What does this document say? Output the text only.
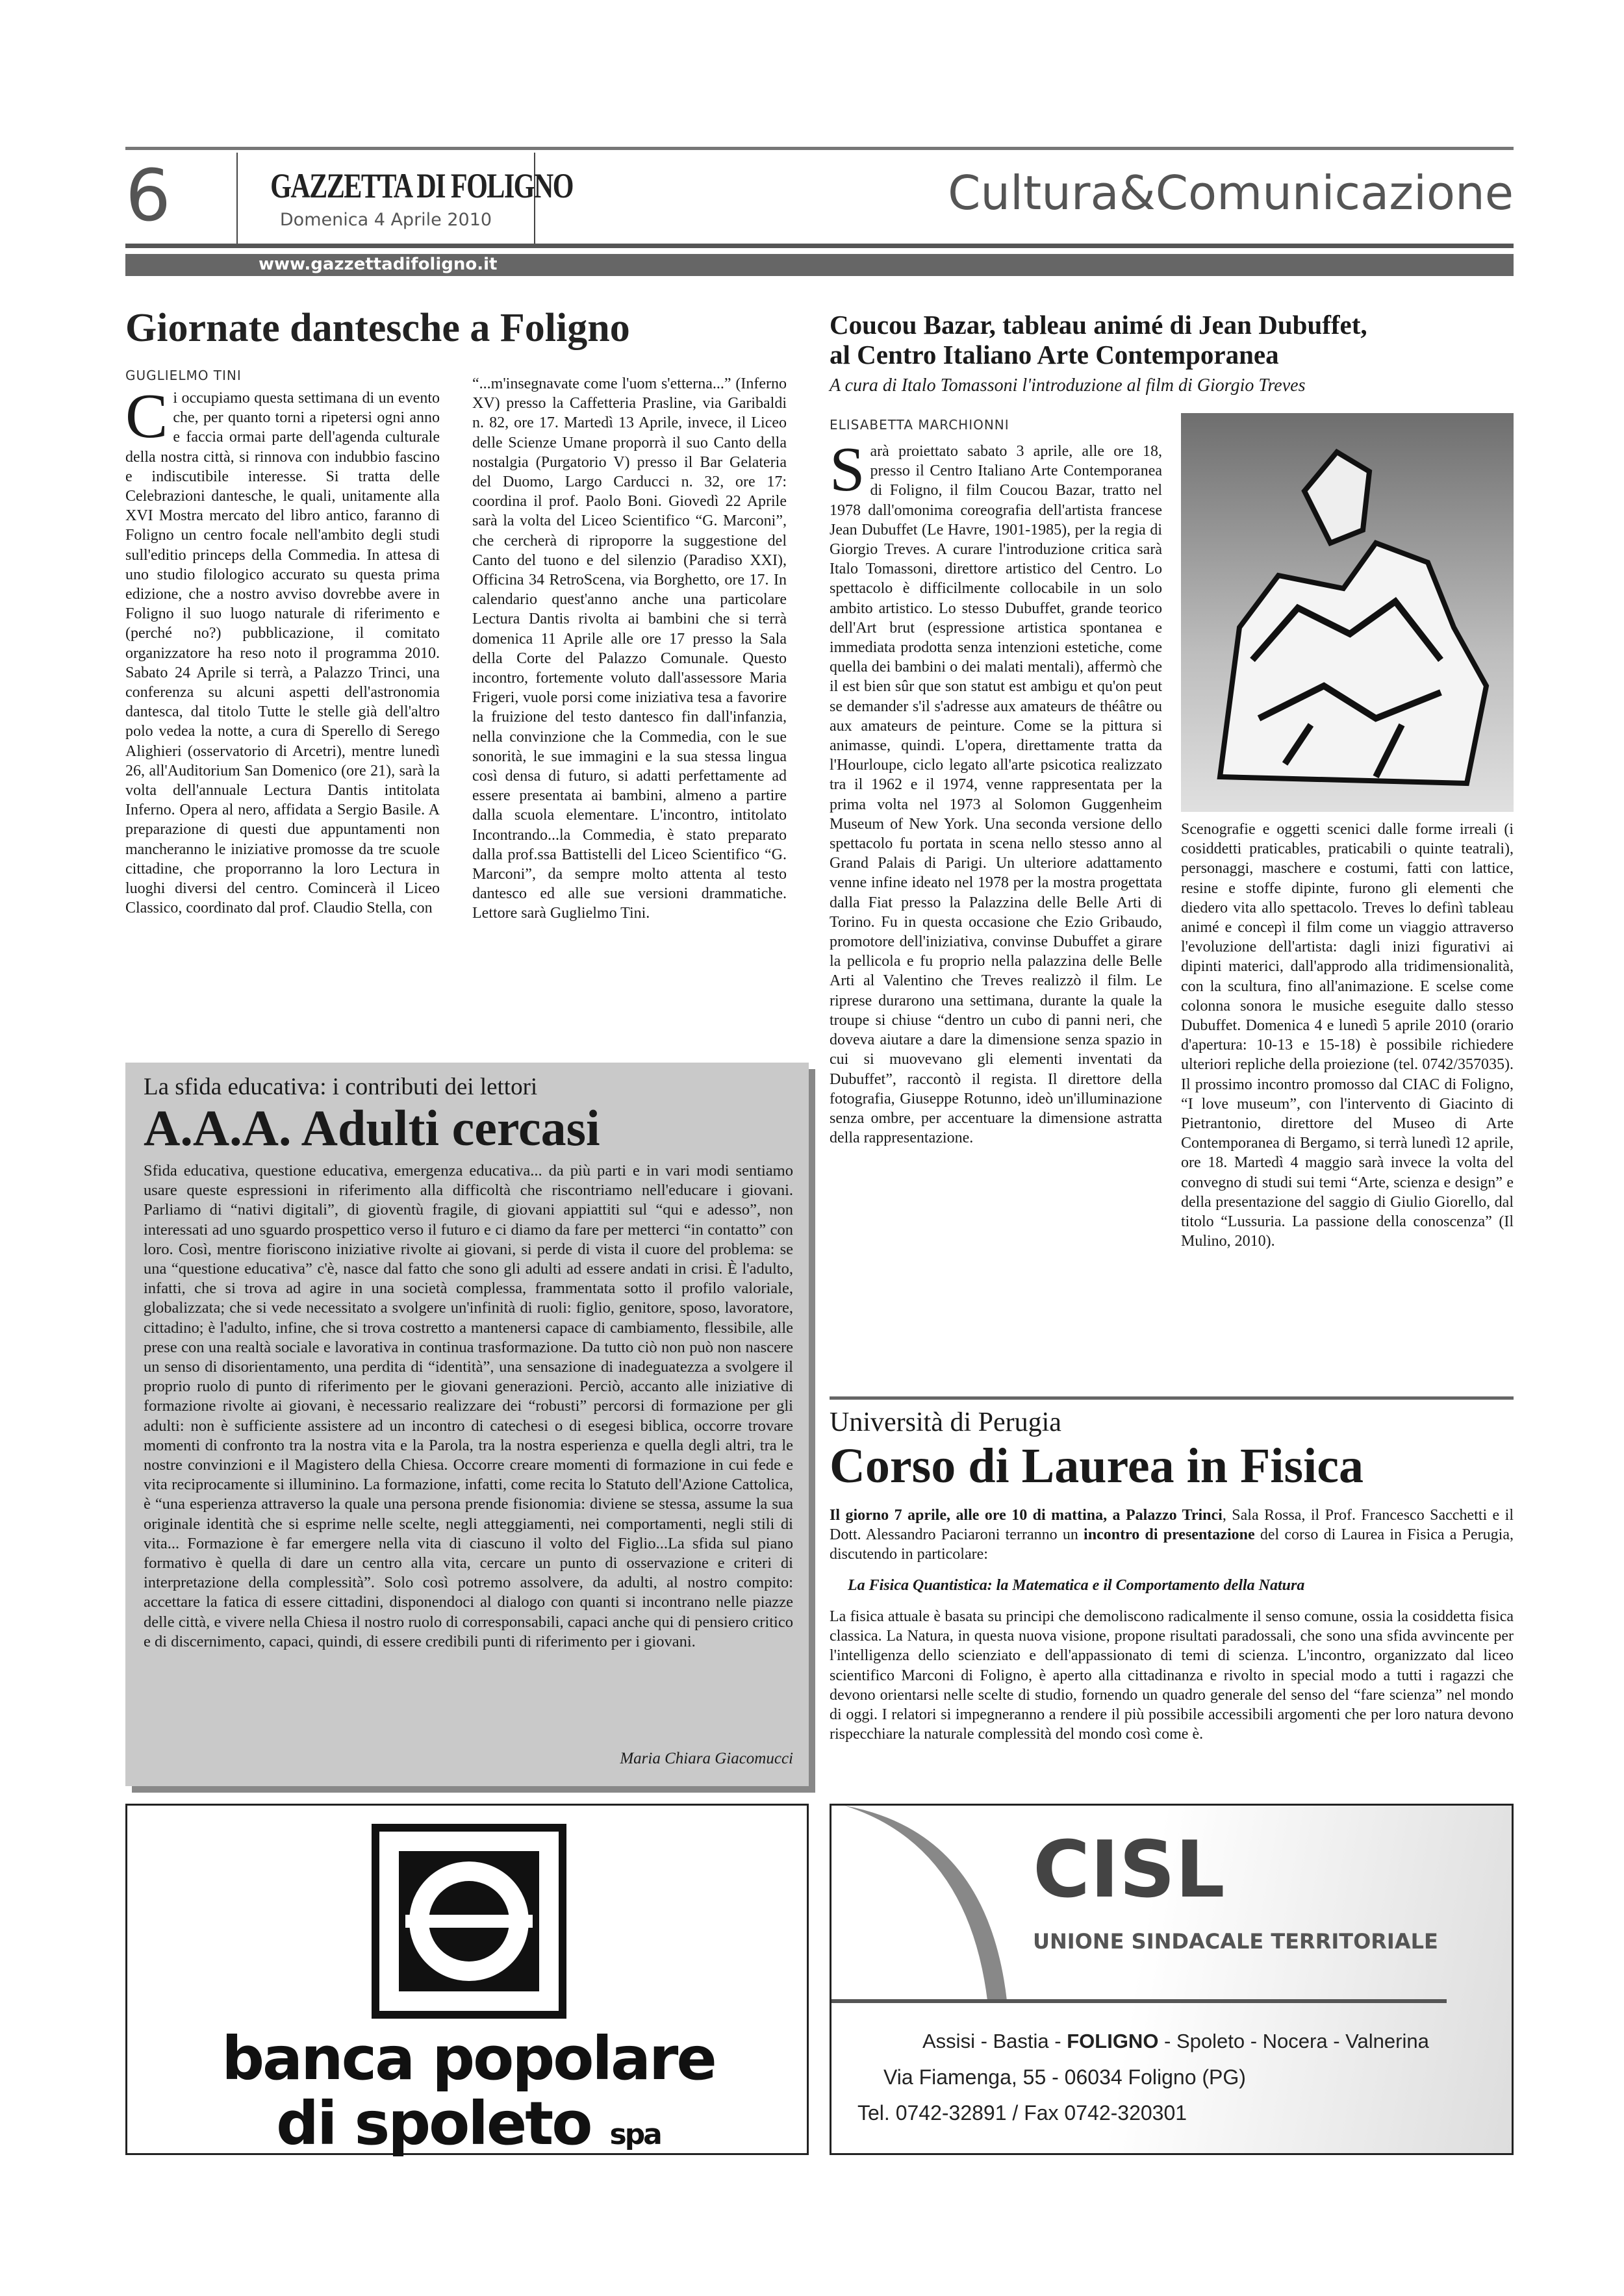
6	GAZZETTA DI FOLIGNO
Domenica 4 Aprile 2010	Cultura&Comunicazione
www.gazzettadifoligno.it
Giornate dantesche a Foligno
GUGLIELMO TINI
Ci occupiamo questa settimana di un evento che, per quanto torni a ripetersi ogni anno e faccia ormai parte dell'agenda culturale della nostra città, si rinnova con indubbio fascino e indiscutibile interesse. Si tratta delle Celebrazioni dantesche, le quali, unitamente alla XVI Mostra mercato del libro antico, faranno di Foligno un centro focale nell'ambito degli studi sull'editio princeps della Commedia. In attesa di uno studio filologico accurato su questa prima edizione, che a nostro avviso dovrebbe avere in Foligno il suo luogo naturale di riferimento e (perché no?) pubblicazione, il comitato organizzatore ha reso noto il programma 2010. Sabato 24 Aprile si terrà, a Palazzo Trinci, una conferenza su alcuni aspetti dell'astronomia dantesca, dal titolo Tutte le stelle già dell'altro polo vedea la notte, a cura di Sperello di Serego Alighieri (osservatorio di Arcetri), mentre lunedì 26, all'Auditorium San Domenico (ore 21), sarà la volta dell'annuale Lectura Dantis intitolata Inferno. Opera al nero, affidata a Sergio Basile. A preparazione di questi due appuntamenti non mancheranno le iniziative promosse da tre scuole cittadine, che proporranno la loro Lectura in luoghi diversi del centro. Comincerà il Liceo Classico, coordinato dal prof. Claudio Stella, con
“...m'insegnavate come l'uom s'etterna...” (Inferno XV) presso la Caffetteria Prasline, via Garibaldi n. 82, ore 17. Martedì 13 Aprile, invece, il Liceo delle Scienze Umane proporrà il suo Canto della nostalgia (Purgatorio V) presso il Bar Gelateria del Duomo, Largo Carducci n. 32, ore 17: coordina il prof. Paolo Boni. Giovedì 22 Aprile sarà la volta del Liceo Scientifico “G. Marconi”, che cercherà di riproporre la suggestione del Canto del tuono e del silenzio (Paradiso XXI), Officina 34 RetroScena, via Borghetto, ore 17. In calendario quest'anno anche una particolare Lectura Dantis rivolta ai bambini che si terrà domenica 11 Aprile alle ore 17 presso la Sala della Corte del Palazzo Comunale. Questo incontro, fortemente voluto dall'assessore Maria Frigeri, vuole porsi come iniziativa tesa a favorire la fruizione del testo dantesco fin dall'infanzia, nella convinzione che la Commedia, con le sue sonorità, le sue immagini e la sua stessa lingua così densa di futuro, si adatti perfettamente ad essere presentata ai bambini, almeno a partire dalla scuola elementare. L'incontro, intitolato Incontrando...la Commedia, è stato preparato dalla prof.ssa Battistelli del Liceo Scientifico “G. Marconi”, da sempre molto attenta al testo dantesco ed alle sue versioni drammatiche. Lettore sarà Guglielmo Tini.
Coucou Bazar, tableau animé di Jean Dubuffet,
al Centro Italiano Arte Contemporanea
A cura di Italo Tomassoni l'introduzione al film di Giorgio Treves
ELISABETTA MARCHIONNI
Sarà proiettato sabato 3 aprile, alle ore 18, presso il Centro Italiano Arte Contemporanea di Foligno, il film Coucou Bazar, tratto nel 1978 dall'omonima coreografia dell'artista francese Jean Dubuffet (Le Havre, 1901-1985), per la regia di Giorgio Treves. A curare l'introduzione critica sarà Italo Tomassoni, direttore artistico del Centro. Lo spettacolo è difficilmente collocabile in un solo ambito artistico. Lo stesso Dubuffet, grande teorico dell'Art brut (espressione artistica spontanea e immediata prodotta senza intenzioni estetiche, come quella dei bambini o dei malati mentali), affermò che il est bien sûr que son statut est ambigu et qu'on peut se demander s'il s'adresse aux amateurs de théâtre ou aux amateurs de peinture. Come se la pittura si animasse, quindi. L'opera, direttamente tratta da l'Hourloupe, ciclo legato all'arte psicotica realizzato tra il 1962 e il 1974, venne rappresentata per la prima volta nel 1973 al Solomon Guggenheim Museum of New York. Una seconda versione dello spettacolo fu portata in scena nello stesso anno al Grand Palais di Parigi. Un ulteriore adattamento venne infine ideato nel 1978 per la mostra progettata dalla Fiat presso la Palazzina delle Belle Arti di Torino. Fu in questa occasione che Ezio Gribaudo, promotore dell'iniziativa, convinse Dubuffet a girare la pellicola e fu proprio nella palazzina delle Belle Arti al Valentino che Treves realizzò il film. Le riprese durarono una settimana, durante la quale la troupe si chiuse “dentro un cubo di panni neri, che doveva aiutare a dare la dimensione senza spazio in cui si muovevano gli elementi inventati da Dubuffet”, raccontò il regista. Il direttore della fotografia, Giuseppe Rotunno, ideò un'illuminazione senza ombre, per accentuare la dimensione astratta della rappresentazione.
Scenografie e oggetti scenici dalle forme irreali (i cosiddetti praticables, praticabili o quinte teatrali), personaggi, maschere e costumi, fatti con lattice, resine e stoffe dipinte, furono gli elementi che diedero vita allo spettacolo. Treves lo definì tableau animé e concepì il film come un viaggio attraverso l'evoluzione dell'artista: dagli inizi figurativi ai dipinti materici, dall'approdo alla tridimensionalità, con la scultura, fino all'animazione. E scelse come colonna sonora le musiche eseguite dallo stesso Dubuffet. Domenica 4 e lunedì 5 aprile 2010 (orario d'apertura: 10-13 e 15-18) è possibile richiedere ulteriori repliche della proiezione (tel. 0742/357035). Il prossimo incontro promosso dal CIAC di Foligno, “I love museum”, con l'intervento di Giacinto di Pietrantonio, direttore del Museo di Arte Contemporanea di Bergamo, si terrà lunedì 12 aprile, ore 18. Martedì 4 maggio sarà invece la volta del convegno di studi sui temi “Arte, scienza e design” e della presentazione del saggio di Giulio Giorello, dal titolo “Lussuria. La passione della conoscenza” (Il Mulino, 2010).
La sfida educativa: i contributi dei lettori
A.A.A. Adulti cercasi
Sfida educativa, questione educativa, emergenza educativa... da più parti e in vari modi sentiamo usare queste espressioni in riferimento alla difficoltà che riscontriamo nell'educare i giovani. Parliamo di “nativi digitali”, di gioventù fragile, di giovani appiattiti sul “qui e adesso”, non interessati ad uno sguardo prospettico verso il futuro e ci diamo da fare per metterci “in contatto” con loro. Così, mentre fioriscono iniziative rivolte ai giovani, si perde di vista il cuore del problema: se una “questione educativa” c'è, nasce dal fatto che sono gli adulti ad essere andati in crisi. È l'adulto, infatti, che si trova ad agire in una società complessa, frammentata sotto il profilo valoriale, globalizzata; che si vede necessitato a svolgere un'infinità di ruoli: figlio, genitore, sposo, lavoratore, cittadino; è l'adulto, infine, che si trova costretto a mantenersi capace di cambiamento, flessibile, alle prese con una realtà sociale e lavorativa in continua trasformazione. Da tutto ciò non può non nascere un senso di disorientamento, una perdita di “identità”, una sensazione di inadeguatezza a svolgere il proprio ruolo di punto di riferimento per le giovani generazioni. Perciò, accanto alle iniziative di formazione rivolte ai giovani, è necessario realizzare dei “robusti” percorsi di formazione per gli adulti: non è sufficiente assistere ad un incontro di catechesi o di esegesi biblica, occorre trovare momenti di confronto tra la nostra vita e la Parola, tra la nostra esperienza e quella degli altri, tra le nostre convinzioni e il Magistero della Chiesa. Occorre creare momenti di formazione in cui fede e vita reciprocamente si illuminino. La formazione, infatti, come recita lo Statuto dell'Azione Cattolica, è “una esperienza attraverso la quale una persona prende fisionomia: diviene se stessa, assume la sua originale identità che si esprime nelle scelte, negli atteggiamenti, nei comportamenti, negli stili di vita... Formazione è far emergere nella vita di ciascuno il volto del Figlio...La sfida sul piano formativo è quella di dare un centro alla vita, cercare un punto di osservazione e criteri di interpretazione della complessità”. Solo così potremo assolvere, da adulti, al nostro compito: accettare la fatica di essere cittadini, disponendoci al dialogo con quanti si incontrano nelle piazze delle città, e vivere nella Chiesa il nostro ruolo di corresponsabili, capaci anche qui di pensiero critico e di discernimento, capaci, quindi, di essere credibili punti di riferimento per i giovani.
Maria Chiara Giacomucci
Università di Perugia
Corso di Laurea in Fisica
Il giorno 7 aprile, alle ore 10 di mattina, a Palazzo Trinci, Sala Rossa, il Prof. Francesco Sacchetti e il Dott. Alessandro Paciaroni terranno un incontro di presentazione del corso di Laurea in Fisica a Perugia, discutendo in particolare:
La Fisica Quantistica: la Matematica e il Comportamento della Natura
La fisica attuale è basata su principi che demoliscono radicalmente il senso comune, ossia la cosiddetta fisica classica. La Natura, in questa nuova visione, propone risultati paradossali, che sono una sfida avvincente per l'intelligenza dello scienziato e dell'appassionato di temi di scienza. L'incontro, organizzato dal liceo scientifico Marconi di Foligno, è aperto alla cittadinanza e rivolto in special modo a tutti i ragazzi che devono orientarsi nelle scelte di studio, fornendo un quadro generale del senso del “fare scienza” nel mondo di oggi. I relatori si impegneranno a rendere il più possibile accessibili argomenti che per loro natura devono rispecchiare la naturale complessità del mondo così come è.
banca popolare
di spoleto spa
CISL
UNIONE SINDACALE TERRITORIALE
Assisi - Bastia - FOLIGNO - Spoleto - Nocera - Valnerina
Via Fiamenga, 55 - 06034 Foligno (PG)
Tel. 0742-32891 / Fax 0742-320301
